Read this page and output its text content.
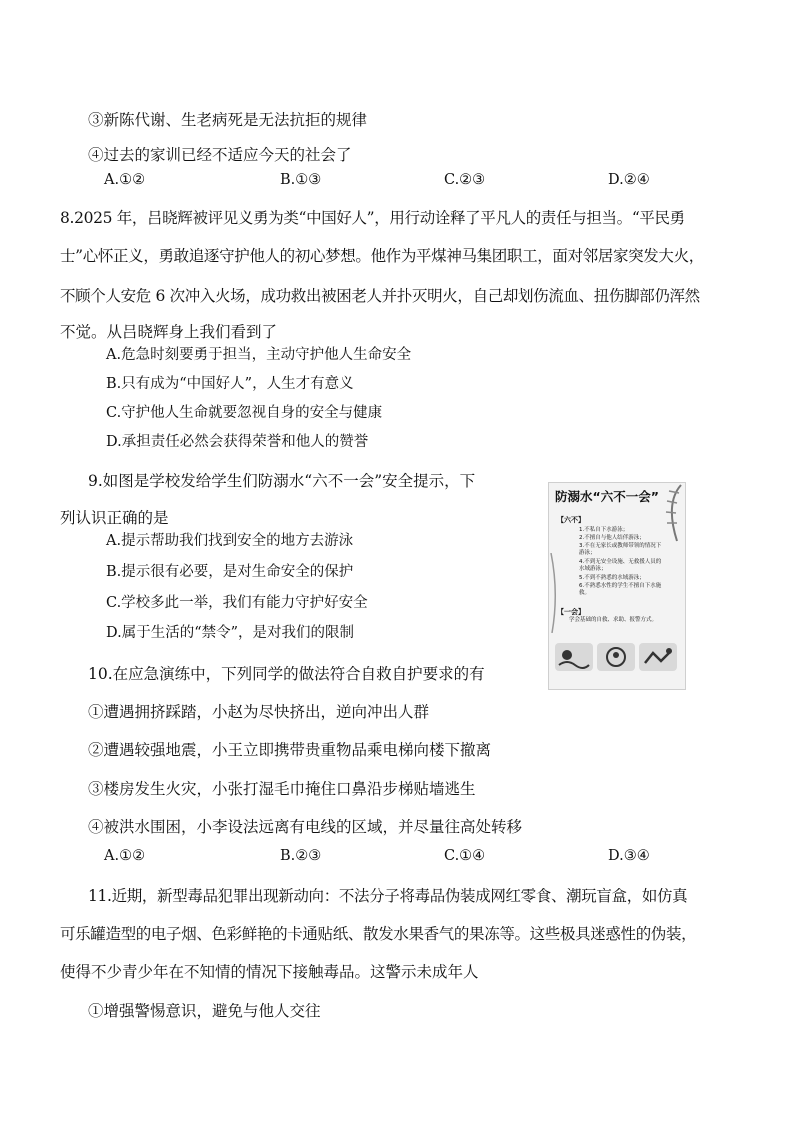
③新陈代谢、生老病死是无法抗拒的规律
④过去的家训已经不适应今天的社会了
A.①②	B.①③	C.②③	D.②④
8.2025 年，吕晓辉被评见义勇为类“中国好人”，用行动诠释了平凡人的责任与担当。“平民勇
士”心怀正义，勇敢追逐守护他人的初心梦想。他作为平煤神马集团职工，面对邻居家突发大火，
不顾个人安危 6 次冲入火场，成功救出被困老人并扑灭明火，自己却划伤流血、扭伤脚部仍浑然
不觉。从吕晓辉身上我们看到了
A.危急时刻要勇于担当，主动守护他人生命安全
B.只有成为“中国好人”，人生才有意义
C.守护他人生命就要忽视自身的安全与健康
D.承担责任必然会获得荣誉和他人的赞誉
9.如图是学校发给学生们防溺水“六不一会”安全提示，下
列认识正确的是
A.提示帮助我们找到安全的地方去游泳
B.提示很有必要，是对生命安全的保护
C.学校多此一举，我们有能力守护好安全
D.属于生活的“禁令”，是对我们的限制
防溺水“六不一会”
【六不】
1.不私自下水游泳；
2.不擅自与他人结伴游泳；
3.不在无家长或教师带领的情况下游泳；
4.不到无安全设施、无救援人员的水域游泳；
5.不到不熟悉的水域游泳；
6.不熟悉水性的学生不擅自下水施救。
【一会】
学会基础的自救、求助、报警方式。
10.在应急演练中，下列同学的做法符合自救自护要求的有
①遭遇拥挤踩踏，小赵为尽快挤出，逆向冲出人群
②遭遇较强地震，小王立即携带贵重物品乘电梯向楼下撤离
③楼房发生火灾，小张打湿毛巾掩住口鼻沿步梯贴墙逃生
④被洪水围困，小李设法远离有电线的区域，并尽量往高处转移
A.①②	B.②③	C.①④	D.③④
11.近期，新型毒品犯罪出现新动向：不法分子将毒品伪装成网红零食、潮玩盲盒，如仿真
可乐罐造型的电子烟、色彩鲜艳的卡通贴纸、散发水果香气的果冻等。这些极具迷惑性的伪装，
使得不少青少年在不知情的情况下接触毒品。这警示未成年人
①增强警惕意识，避免与他人交往
